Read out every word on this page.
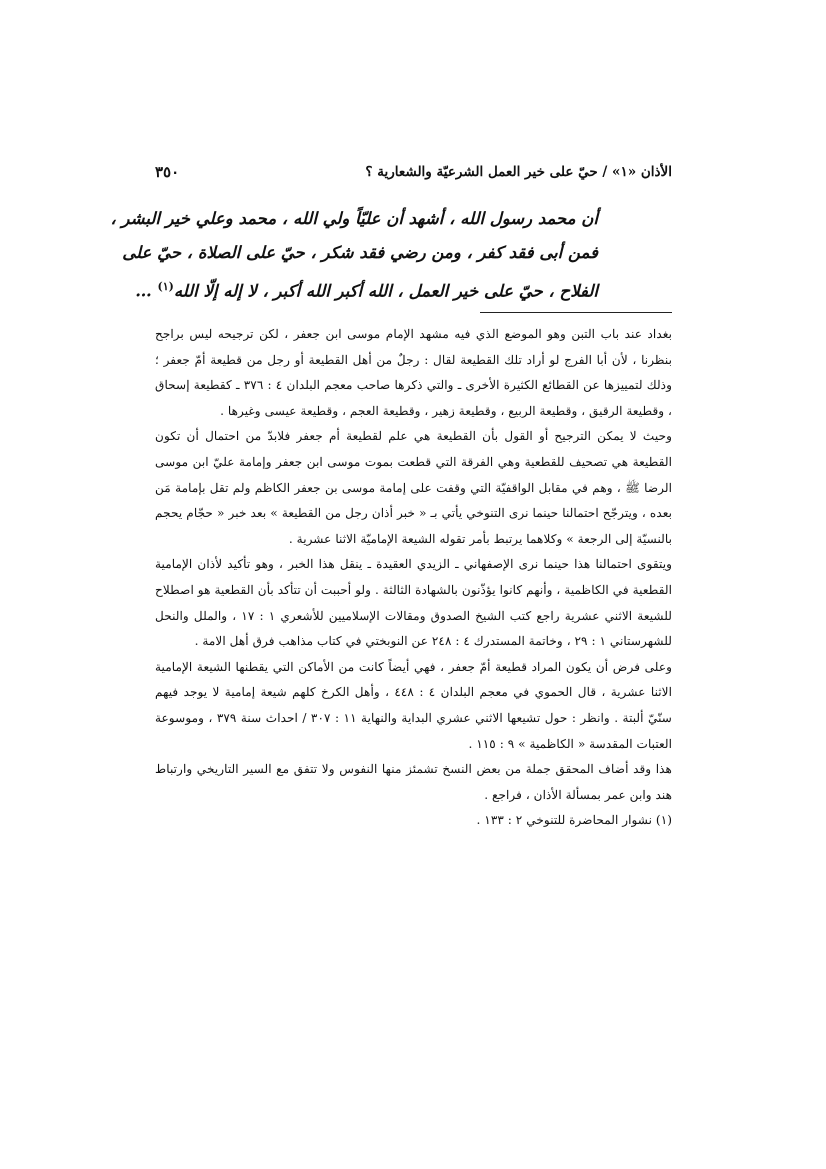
٣٥٠	الأذان «١» / حيّ على خير العمل الشرعيّة والشعارية ؟
أن محمد رسول الله ، أشهد أن عليّاً ولي الله ، محمد وعلي خير البشر ،
فمن أبى فقد كفر ، ومن رضي فقد شكر ، حيّ على الصلاة ، حيّ على
الفلاح ، حيّ على خير العمل ، الله أكبر الله أكبر ، لا إله إلّا الله$^{(١)}$ …

بغداد عند باب التبن وهو الموضع الذي فيه مشهد الإمام موسى ابن جعفر ، لكن ترجيحه ليس براجح بنظرنا ، لأن أبا الفرج لو أراد تلك القطيعة لقال : رجلٌ من أهل القطيعة أو رجل من قطيعة أمّ جعفر ؛ وذلك لتمييزها عن القطائع الكثيرة الأخرى ـ والتي ذكرها صاحب معجم البلدان ٤ : ٣٧٦ ـ كقطيعة إسحاق ، وقطيعة الرقيق ، وقطيعة الربيع ، وقطيعة زهير ، وقطيعة العجم ، وقطيعة عيسى وغيرها .

وحيث لا يمكن الترجيح أو القول بأن القطيعة هي علم لقطيعة أم جعفر فلابدّ من احتمال أن تكون القطيعة هي تصحيف للقطعية وهي الفرقة التي قطعت بموت موسى ابن جعفر وإمامة عليّ ابن موسى الرضا ﷺ ، وهم في مقابل الواقفيّة التي وقفت على إمامة موسى بن جعفر الكاظم ولم تقل بإمامة مَن بعده ، ويترجّح احتمالنا حينما نرى التنوخي يأتي بـ « خبر أذان رجل من القطيعة » بعد خبر « حجّام يحجم بالنسيّة إلى الرجعة » وكلاهما يرتبط بأمر تقوله الشيعة الإماميّة الاثنا عشرية .

ويتقوى احتمالنا هذا حينما نرى الإصفهاني ـ الزيدي العقيدة ـ ينقل هذا الخبر ، وهو تأكيد لأذان الإمامية القطعية في الكاظمية ، وأنهم كانوا يؤذّنون بالشهادة الثالثة . ولو أحببت أن تتأكد بأن القطعية هو اصطلاح للشيعة الاثني عشرية راجع كتب الشيخ الصدوق ومقالات الإسلاميين للأشعري ١ : ١٧ ، والملل والنحل للشهرستاني ١ : ٢٩ ، وخاتمة المستدرك ٤ : ٢٤٨ عن النوبختي في كتاب مذاهب فرق أهل الامة .

وعلى فرض أن يكون المراد قطيعة أمّ جعفر ، فهي أيضاً كانت من الأماكن التي يقطنها الشيعة الإمامية الاثنا عشرية ، قال الحموي في معجم البلدان ٤ : ٤٤٨ ، وأهل الكرخ كلهم شيعة إمامية لا يوجد فيهم سنّيّ ألبتة . وانظر : حول تشيعها الاثني عشري البداية والنهاية ١١ : ٣٠٧ / احداث سنة ٣٧٩ ، وموسوعة العتبات المقدسة « الكاظمية » ٩ : ١١٥ .

هذا وقد أضاف المحقق جملة من بعض النسخ تشمئز منها النفوس ولا تتفق مع السير التاريخي وارتباط هند وابن عمر بمسألة الأذان ، فراجع .

(١) نشوار المحاضرة للتنوخي ٢ : ١٣٣ .
